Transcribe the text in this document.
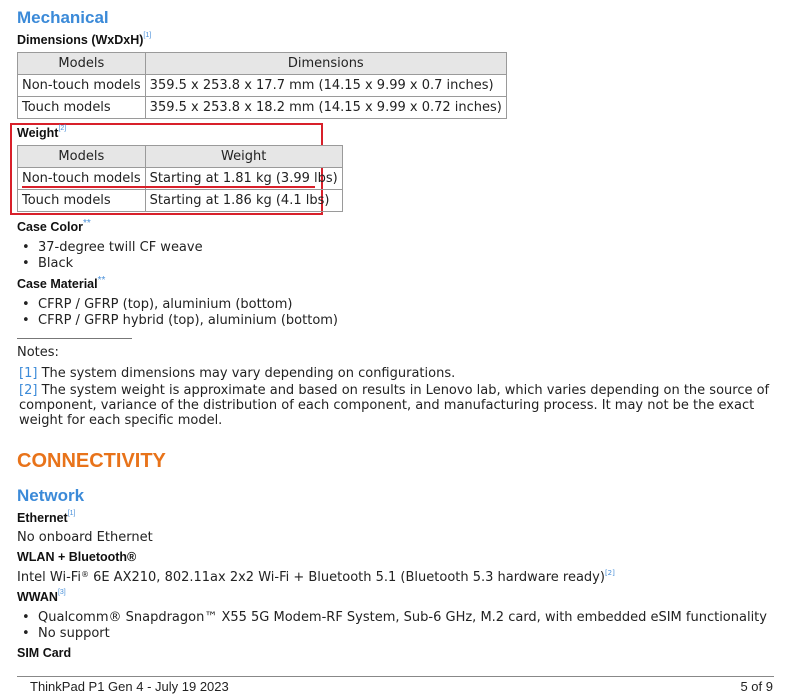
Mechanical
Dimensions (WxDxH)[1]
Models	Dimensions
Non-touch models	359.5 x 253.8 x 17.7 mm (14.15 x 9.99 x 0.7 inches)
Touch models	359.5 x 253.8 x 18.2 mm (14.15 x 9.99 x 0.72 inches)
Weight[2]
Models	Weight
Non-touch models	Starting at 1.81 kg (3.99 lbs)
Touch models	Starting at 1.86 kg (4.1 lbs)
Case Color**
• 37-degree twill CF weave
• Black
Case Material**
• CFRP / GFRP (top), aluminium (bottom)
• CFRP / GFRP hybrid (top), aluminium (bottom)
Notes:
[1] The system dimensions may vary depending on configurations.
[2] The system weight is approximate and based on results in Lenovo lab, which varies depending on the source of component, variance of the distribution of each component, and manufacturing process. It may not be the exact weight for each specific model.
CONNECTIVITY
Network
Ethernet[1]
No onboard Ethernet
WLAN + Bluetooth®
Intel Wi-Fi® 6E AX210, 802.11ax 2x2 Wi-Fi + Bluetooth 5.1 (Bluetooth 5.3 hardware ready)[2]
WWAN[3]
• Qualcomm® Snapdragon™ X55 5G Modem-RF System, Sub-6 GHz, M.2 card, with embedded eSIM functionality
• No support
SIM Card
ThinkPad P1 Gen 4 - July 19 2023	5 of 9
